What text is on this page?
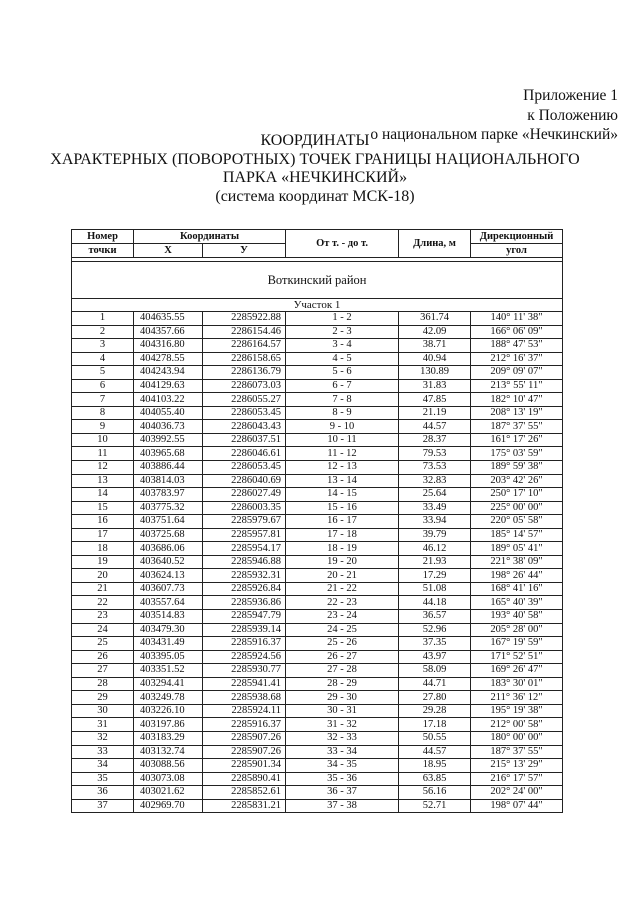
Приложение 1
к Положению
о национальном парке «Нечкинский»
КООРДИНАТЫ
ХАРАКТЕРНЫХ (ПОВОРОТНЫХ) ТОЧЕК ГРАНИЦЫ НАЦИОНАЛЬНОГО
ПАРКА «НЕЧКИНСКИЙ»
(система координат МСК-18)
Номер	Координаты		От т. - до т.	Длина, м	Дирекционный
точки	X	У			угол

Воткинский район					
Участок 1					
1	404635.55	2285922.88	1 - 2	361.74	140° 11' 38"
2	404357.66	2286154.46	2 - 3	42.09	166° 06' 09"
3	404316.80	2286164.57	3 - 4	38.71	188° 47' 53"
4	404278.55	2286158.65	4 - 5	40.94	212° 16' 37"
5	404243.94	2286136.79	5 - 6	130.89	209° 09' 07"
6	404129.63	2286073.03	6 - 7	31.83	213° 55' 11"
7	404103.22	2286055.27	7 - 8	47.85	182° 10' 47"
8	404055.40	2286053.45	8 - 9	21.19	208° 13' 19"
9	404036.73	2286043.43	9 - 10	44.57	187° 37' 55"
10	403992.55	2286037.51	10 - 11	28.37	161° 17' 26"
11	403965.68	2286046.61	11 - 12	79.53	175° 03' 59"
12	403886.44	2286053.45	12 - 13	73.53	189° 59' 38"
13	403814.03	2286040.69	13 - 14	32.83	203° 42' 26"
14	403783.97	2286027.49	14 - 15	25.64	250° 17' 10"
15	403775.32	2286003.35	15 - 16	33.49	225° 00' 00"
16	403751.64	2285979.67	16 - 17	33.94	220° 05' 58"
17	403725.68	2285957.81	17 - 18	39.79	185° 14' 57"
18	403686.06	2285954.17	18 - 19	46.12	189° 05' 41"
19	403640.52	2285946.88	19 - 20	21.93	221° 38' 09"
20	403624.13	2285932.31	20 - 21	17.29	198° 26' 44"
21	403607.73	2285926.84	21 - 22	51.08	168° 41' 16"
22	403557.64	2285936.86	22 - 23	44.18	165° 40' 39"
23	403514.83	2285947.79	23 - 24	36.57	193° 40' 58"
24	403479.30	2285939.14	24 - 25	52.96	205° 28' 00"
25	403431.49	2285916.37	25 - 26	37.35	167° 19' 59"
26	403395.05	2285924.56	26 - 27	43.97	171° 52' 51"
27	403351.52	2285930.77	27 - 28	58.09	169° 26' 47"
28	403294.41	2285941.41	28 - 29	44.71	183° 30' 01"
29	403249.78	2285938.68	29 - 30	27.80	211° 36' 12"
30	403226.10	2285924.11	30 - 31	29.28	195° 19' 38"
31	403197.86	2285916.37	31 - 32	17.18	212° 00' 58"
32	403183.29	2285907.26	32 - 33	50.55	180° 00' 00"
33	403132.74	2285907.26	33 - 34	44.57	187° 37' 55"
34	403088.56	2285901.34	34 - 35	18.95	215° 13' 29"
35	403073.08	2285890.41	35 - 36	63.85	216° 17' 57"
36	403021.62	2285852.61	36 - 37	56.16	202° 24' 00"
37	402969.70	2285831.21	37 - 38	52.71	198° 07' 44"
